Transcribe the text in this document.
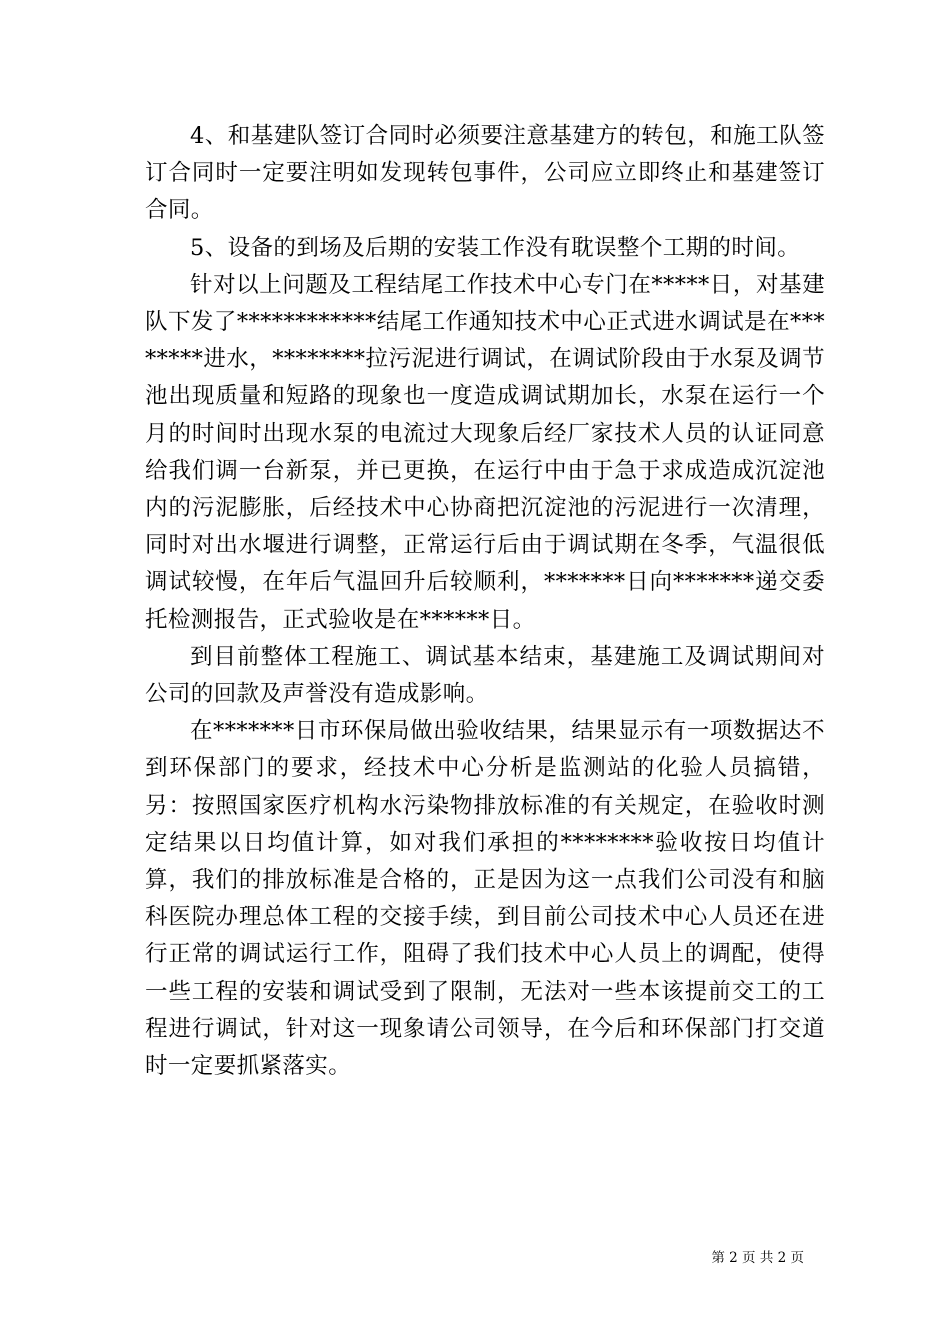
4、和基建队签订合同时必须要注意基建方的转包，和施工队签订合同时一定要注明如发现转包事件，公司应立即终止和基建签订合同。

5、设备的到场及后期的安装工作没有耽误整个工期的时间。

针对以上问题及工程结尾工作技术中心专门在*****日，对基建队下发了************结尾工作通知技术中心正式进水调试是在********进水，********拉污泥进行调试，在调试阶段由于水泵及调节池出现质量和短路的现象也一度造成调试期加长，水泵在运行一个月的时间时出现水泵的电流过大现象后经厂家技术人员的认证同意给我们调一台新泵，并已更换，在运行中由于急于求成造成沉淀池内的污泥膨胀，后经技术中心协商把沉淀池的污泥进行一次清理，同时对出水堰进行调整，正常运行后由于调试期在冬季，气温很低调试较慢，在年后气温回升后较顺利，*******日向*******递交委托检测报告，正式验收是在******日。

到目前整体工程施工、调试基本结束，基建施工及调试期间对公司的回款及声誉没有造成影响。

在*******日市环保局做出验收结果，结果显示有一项数据达不到环保部门的要求，经技术中心分析是监测站的化验人员搞错，另：按照国家医疗机构水污染物排放标准的有关规定，在验收时测定结果以日均值计算，如对我们承担的********验收按日均值计算，我们的排放标准是合格的，正是因为这一点我们公司没有和脑科医院办理总体工程的交接手续，到目前公司技术中心人员还在进行正常的调试运行工作，阻碍了我们技术中心人员上的调配，使得一些工程的安装和调试受到了限制，无法对一些本该提前交工的工程进行调试，针对这一现象请公司领导，在今后和环保部门打交道时一定要抓紧落实。

第 2 页 共 2 页
